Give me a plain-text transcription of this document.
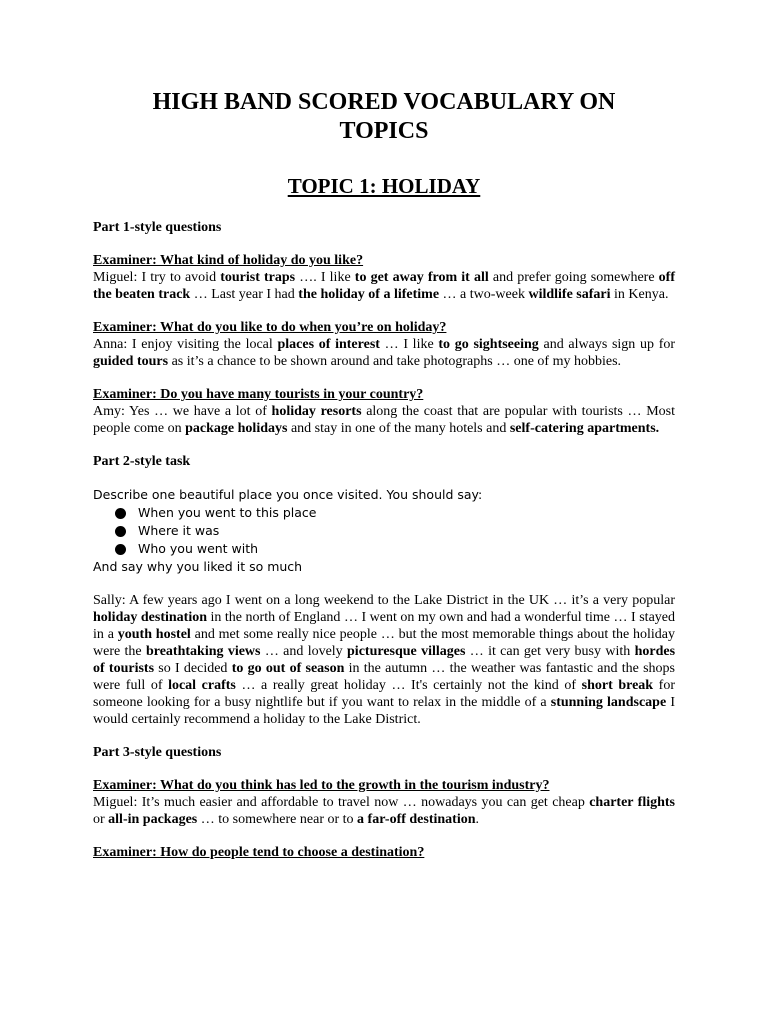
HIGH BAND SCORED VOCABULARY ON
TOPICS
TOPIC 1: HOLIDAY

Part 1-style questions

Examiner: What kind of holiday do you like?

Miguel: I try to avoid tourist traps …. I like to get away from it all and prefer going somewhere off the beaten track … Last year I had the holiday of a lifetime … a two-week wildlife safari in Kenya.

Examiner: What do you like to do when you’re on holiday?

Anna: I enjoy visiting the local places of interest … I like to go sightseeing and always sign up for guided tours as it’s a chance to be shown around and take photographs … one of my hobbies.

Examiner: Do you have many tourists in your country?

Amy: Yes … we have a lot of holiday resorts along the coast that are popular with tourists … Most people come on package holidays and stay in one of the many hotels and self-catering apartments.

Part 2-style task

Describe one beautiful place you once visited. You should say:

When you went to this place
Where it was
Who you went with

And say why you liked it so much

Sally: A few years ago I went on a long weekend to the Lake District in the UK … it’s a very popular holiday destination in the north of England … I went on my own and had a wonderful time … I stayed in a youth hostel and met some really nice people … but the most memorable things about the holiday were the breathtaking views … and lovely picturesque villages … it can get very busy with hordes of tourists so I decided to go out of season in the autumn … the weather was fantastic and the shops were full of local crafts … a really great holiday … It's certainly not the kind of short break for someone looking for a busy nightlife but if you want to relax in the middle of a stunning landscape I would certainly recommend a holiday to the Lake District.

Part 3-style questions

Examiner: What do you think has led to the growth in the tourism industry?

Miguel: It’s much easier and affordable to travel now … nowadays you can get cheap charter flights or all-in packages … to somewhere near or to a far-off destination.

Examiner: How do people tend to choose a destination?
